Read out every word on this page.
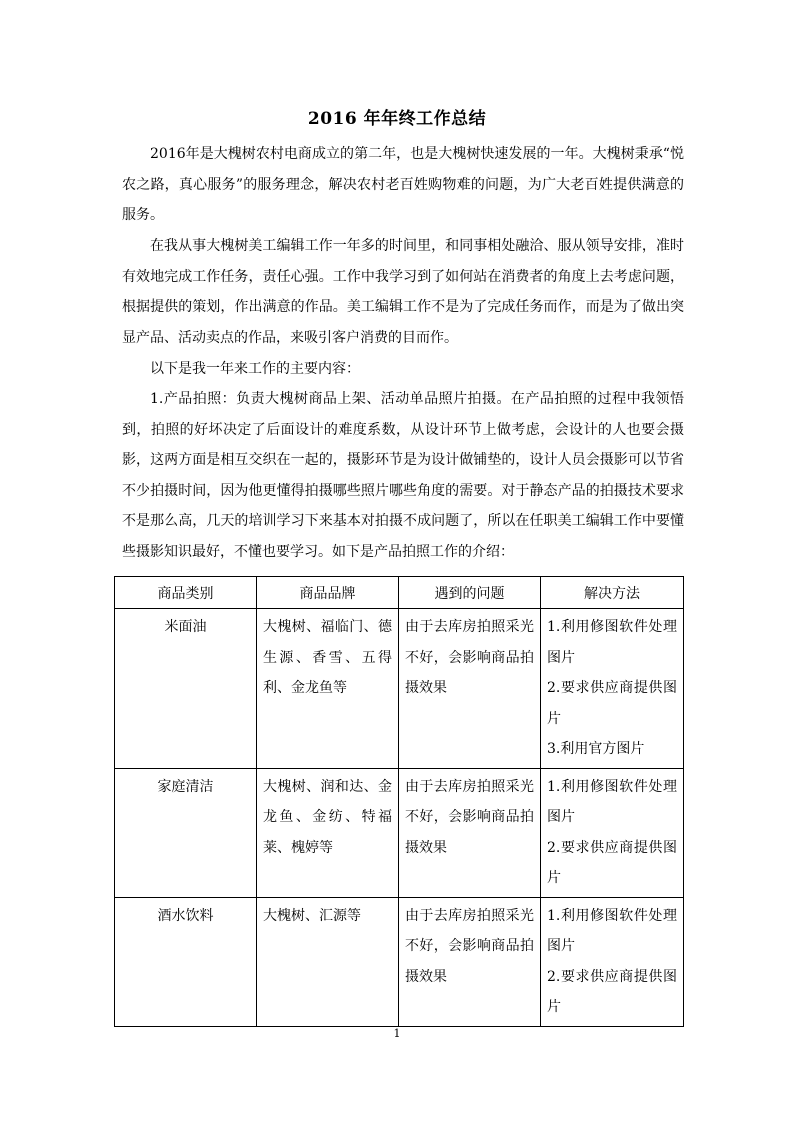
2016 年年终工作总结

2016年是大槐树农村电商成立的第二年，也是大槐树快速发展的一年。大槐树秉承“悦农之路，真心服务”的服务理念，解决农村老百姓购物难的问题，为广大老百姓提供满意的服务。

在我从事大槐树美工编辑工作一年多的时间里，和同事相处融洽、服从领导安排，准时有效地完成工作任务，责任心强。工作中我学习到了如何站在消费者的角度上去考虑问题，根据提供的策划，作出满意的作品。美工编辑工作不是为了完成任务而作，而是为了做出突显产品、活动卖点的作品，来吸引客户消费的目而作。

以下是我一年来工作的主要内容：

1.产品拍照：负责大槐树商品上架、活动单品照片拍摄。在产品拍照的过程中我领悟到，拍照的好坏决定了后面设计的难度系数，从设计环节上做考虑，会设计的人也要会摄影，这两方面是相互交织在一起的，摄影环节是为设计做铺垫的，设计人员会摄影可以节省不少拍摄时间，因为他更懂得拍摄哪些照片哪些角度的需要。对于静态产品的拍摄技术要求不是那么高，几天的培训学习下来基本对拍摄不成问题了，所以在任职美工编辑工作中要懂些摄影知识最好，不懂也要学习。如下是产品拍照工作的介绍：

商品类别	商品品牌	遇到的问题	解决方法
米面油	大槐树、福临门、德生源、香雪、五得利、金龙鱼等	由于去库房拍照采光不好，会影响商品拍摄效果	1.利用修图软件处理图片
2.要求供应商提供图片
3.利用官方图片

家庭清洁	大槐树、润和达、金龙鱼、金纺、特福莱、槐婷等	由于去库房拍照采光不好，会影响商品拍摄效果	1.利用修图软件处理图片
2.要求供应商提供图片

酒水饮料	大槐树、汇源等	由于去库房拍照采光不好，会影响商品拍摄效果	1.利用修图软件处理图片
2.要求供应商提供图片
1
